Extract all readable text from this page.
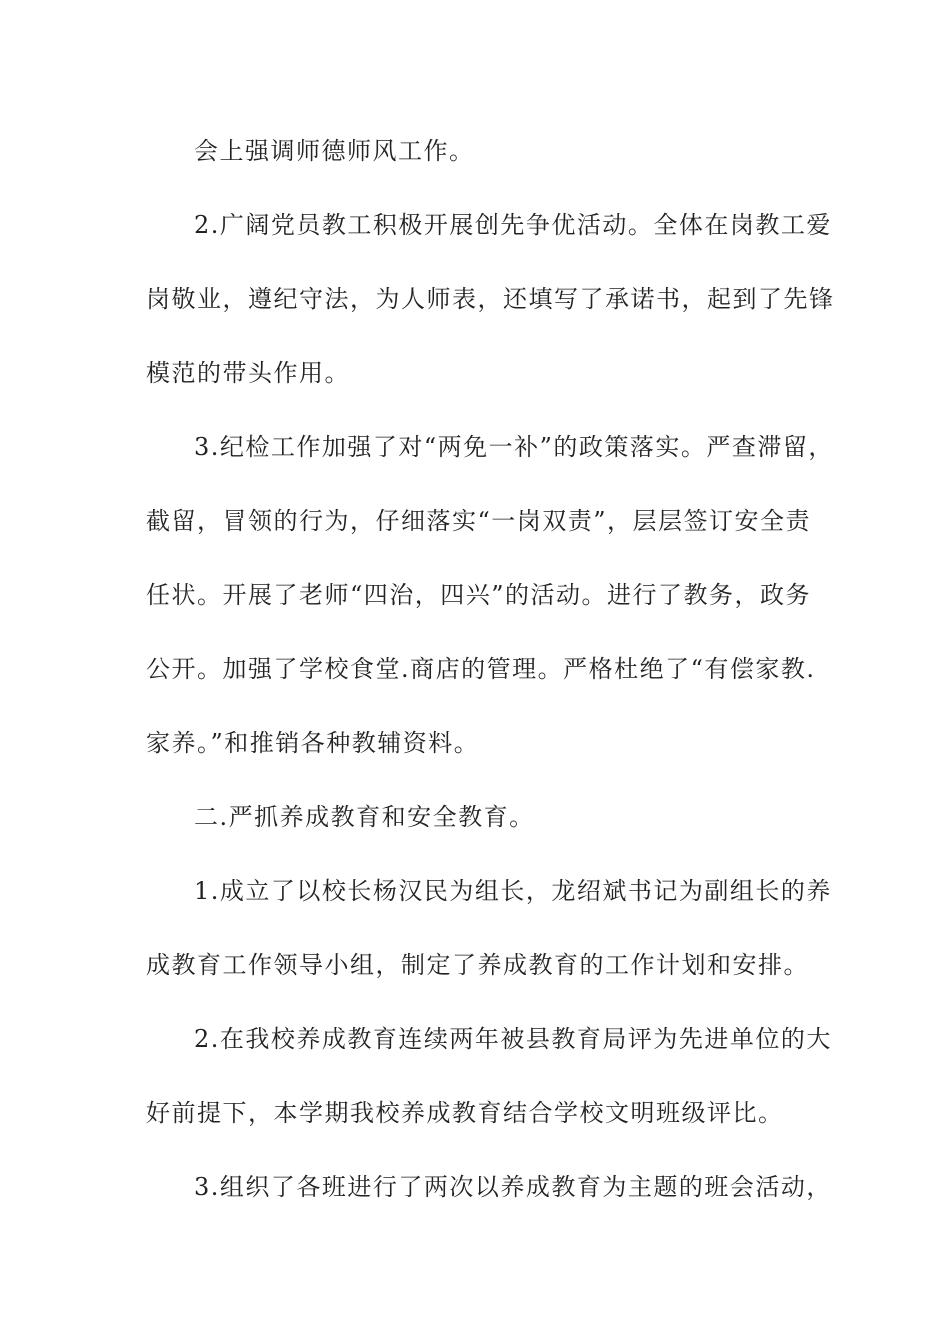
会上强调师德师风工作。
2.广阔党员教工积极开展创先争优活动。全体在岗教工爱
岗敬业，遵纪守法，为人师表，还填写了承诺书，起到了先锋
模范的带头作用。
3.纪检工作加强了对“两免一补”的政策落实。严查滞留，
截留，冒领的行为，仔细落实“一岗双责”，层层签订安全责
任状。开展了老师“四治，四兴”的活动。进行了教务，政务
公开。加强了学校食堂.商店的管理。严格杜绝了“有偿家教.
家养。”和推销各种教辅资料。
二.严抓养成教育和安全教育。
1.成立了以校长杨汉民为组长，龙绍斌书记为副组长的养
成教育工作领导小组，制定了养成教育的工作计划和安排。
2.在我校养成教育连续两年被县教育局评为先进单位的大
好前提下，本学期我校养成教育结合学校文明班级评比。
3.组织了各班进行了两次以养成教育为主题的班会活动，
